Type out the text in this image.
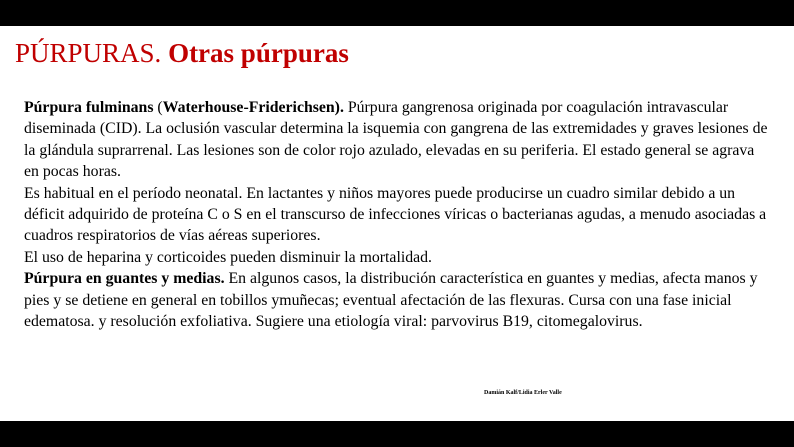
PÚRPURAS. Otras púrpuras

Púrpura fulminans (Waterhouse-Friderichsen). Púrpura gangrenosa originada por coagulación intravascular diseminada (CID). La oclusión vascular determina la isquemia con gangrena de las extremidades y graves lesiones de la glándula suprarrenal. Las lesiones son de color rojo azulado, elevadas en su periferia. El estado general se agrava en pocas horas.

Es habitual en el período neonatal. En lactantes y niños mayores puede producirse un cuadro similar debido a un déficit adquirido de proteína C o S en el transcurso de infecciones víricas o bacterianas agudas, a menudo asociadas a cuadros respiratorios de vías aéreas superiores.

El uso de heparina y corticoides pueden disminuir la mortalidad.

Púrpura en guantes y medias. En algunos casos, la distribución característica en guantes y medias, afecta manos y pies y se detiene en general en tobillos ymuñecas; eventual afectación de las flexuras. Cursa con una fase inicial edematosa. y resolución exfoliativa. Sugiere una etiología viral: parvovirus B19, citomegalovirus.

Damián Kalf/Lidia Erler Valle
